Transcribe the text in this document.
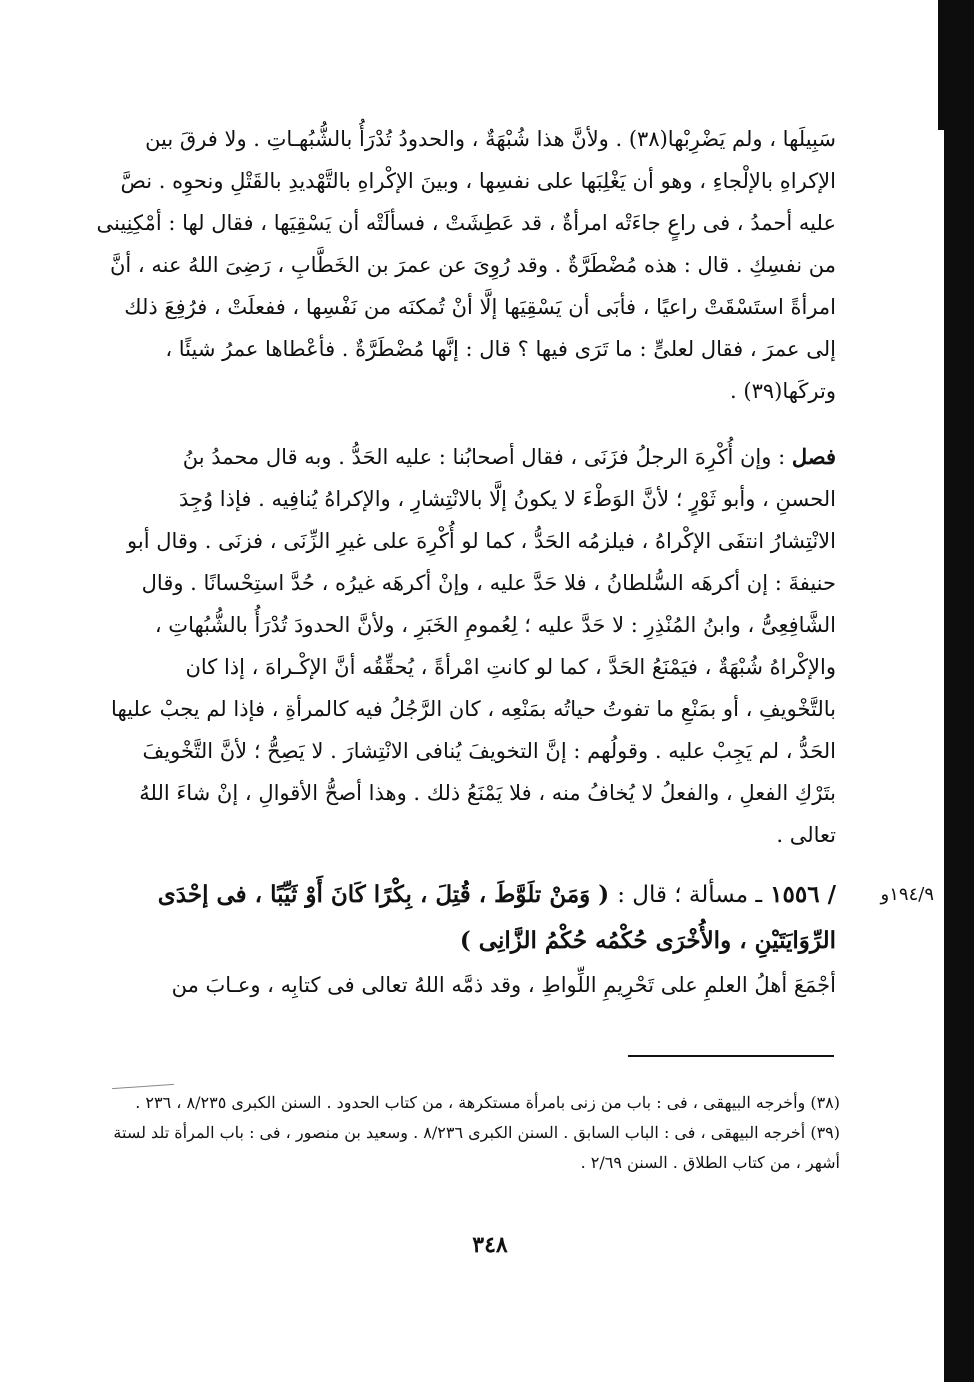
١٩٤/٩و
سَبِيلَها ، ولم يَضْرِبْها(٣٨) . ولأنَّ هذا شُبْهَةٌ ، والحدودُ تُدْرَأُ بالشُّبُهـاتِ . ولا فرقَ بين
الإكراهِ بالإلْجاءِ ، وهو أن يَغْلِبَها على نفسِها ، وبينَ الإكْراهِ بالتَّهْديدِ بالقَتْلِ ونحوِه . نصَّ
عليه أحمدُ ، فى راعٍ جاءَتْه امرأةٌ ، قد عَطِشَتْ ، فسألَتْه أن يَسْقِيَها ، فقال لها : أمْكِنِينى
من نفسِكِ . قال : هذه مُضْطَرَّةٌ . وقد رُوِىَ عن عمرَ بن الخَطَّابِ ، رَضِىَ اللهُ عنه ، أنَّ
امرأةً استَسْقَتْ راعيًا ، فأبَى أن يَسْقِيَها إلَّا أنْ تُمكنَه من نَفْسِها ، ففعلَتْ ، فرُفِعَ ذلك
إلى عمرَ ، فقال لعلىٍّ : ما تَرَى فيها ؟ قال : إنَّها مُضْطَرَّةٌ . فأعْطاها عمرُ شيئًا ،
وتركَها(٣٩) .
فصل : وإن أُكْرِهَ الرجلُ فزَنَى ، فقال أصحابُنا : عليه الحَدُّ . وبه قال محمدُ بنُ
الحسنِ ، وأبو ثَوْرٍ ؛ لأنَّ الوَطْءَ لا يكونُ إلَّا بالانْتِشارِ ، والإكراهُ يُنافِيه . فإذا وُجِدَ
الانْتِشارُ انتفَى الإكْراهُ ، فيلزمُه الحَدُّ ، كما لو أُكْرِهَ على غيرِ الزِّنَى ، فزنَى . وقال أبو
حنيفةَ : إن أكرهَه السُّلطانُ ، فلا حَدَّ عليه ، وإنْ أكرهَه غيرُه ، حُدَّ استِحْسانًا . وقال
الشَّافِعِىُّ ، وابنُ المُنْذِرِ : لا حَدَّ عليه ؛ لِعُمومِ الخَبَرِ ، ولأنَّ الحدودَ تُدْرَأُ بالشُّبُهاتِ ،
والإكْراهُ شُبْهَةٌ ، فيَمْنَعُ الحَدَّ ، كما لو كانتِ امْرأةً ، يُحقِّقُه أنَّ الإكْـراهَ ، إذا كان
بالتَّخْويفِ ، أو بمَنْعِ ما تفوتُ حياتُه بمَنْعِه ، كان الرَّجُلُ فيه كالمرأةِ ، فإذا لم يجبْ عليها
الحَدُّ ، لم يَجِبْ عليه . وقولُهم : إنَّ التخويفَ يُنافى الانْتِشارَ . لا يَصِحُّ ؛ لأنَّ التَّخْويفَ
بتَرْكِ الفعلِ ، والفعلُ لا يُخافُ منه ، فلا يَمْنَعُ ذلك . وهذا أصحُّ الأقوالِ ، إنْ شاءَ اللهُ
تعالى .
/ ١٥٥٦ ـ مسألة ؛ قال : ( وَمَنْ تلَوَّطَ ، قُتِلَ ، بِكْرًا كَانَ أَوْ ثَيِّبًا ، فى إحْدَى
الرِّوَايَتَيْنِ ، والأُخْرَى حُكْمُه حُكْمُ الزَّانِى )
أجْمَعَ أهلُ العلمِ على تَحْرِيمِ اللِّواطِ ، وقد ذمَّه اللهُ تعالى فى كتابِه ، وعـابَ من
(٣٨) وأخرجه البيهقى ، فى : باب من زنى بامرأة مستكرهة ، من كتاب الحدود . السنن الكبرى ٨/٢٣٥ ، ٢٣٦ .
(٣٩) أخرجه البيهقى ، فى : الباب السابق . السنن الكبرى ٨/٢٣٦ . وسعيد بن منصور ، فى : باب المرأة تلد لستة
أشهر ، من كتاب الطلاق . السنن ٢/٦٩ .
٣٤٨
